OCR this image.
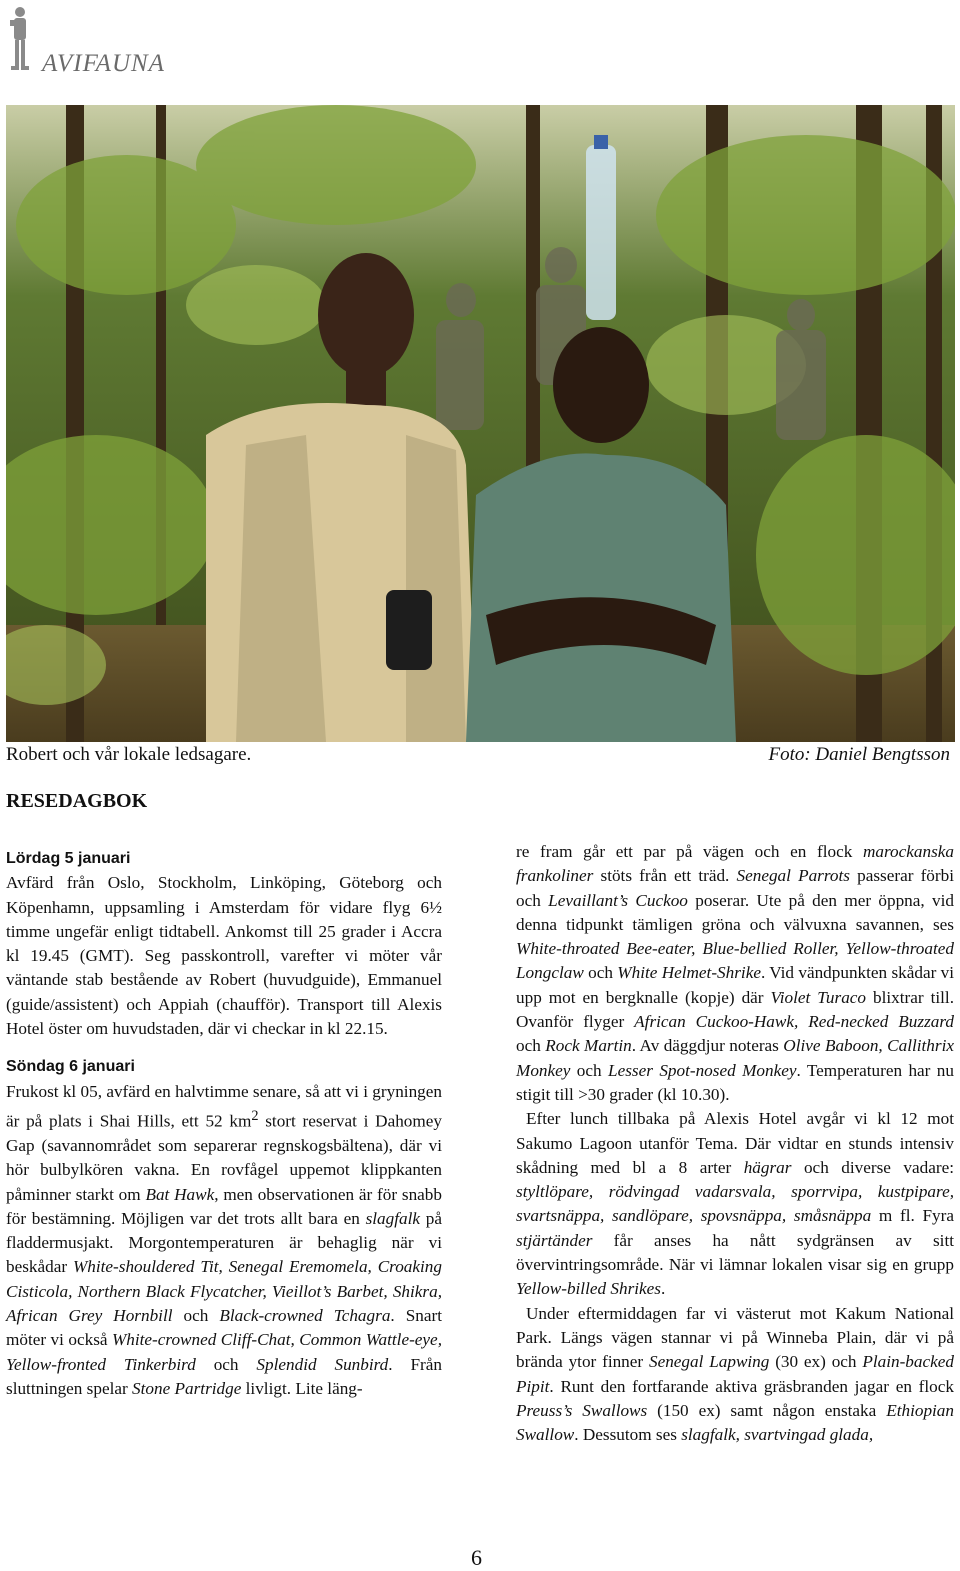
AVIFAUNA
Robert och vår lokale ledsagare.	Foto: Daniel Bengtsson
RESEDAGBOK

Lördag 5 januari

Avfärd från Oslo, Stockholm, Linköping, Göteborg och Köpenhamn, uppsamling i Amsterdam för vidare flyg 6½ timme ungefär enligt tidtabell. Ankomst till 25 grader i Accra kl 19.45 (GMT). Seg passkontroll, varefter vi möter vår väntande stab bestående av Robert (huvudguide), Emmanuel (guide/assistent) och Appiah (chaufför). Transport till Alexis Hotel öster om huvudstaden, där vi checkar in kl 22.15.

Söndag 6 januari

Frukost kl 05, avfärd en halvtimme senare, så att vi i gryningen är på plats i Shai Hills, ett 52 $km^2$ stort reservat i Dahomey Gap (savannområdet som separerar regnskogsbältena), där vi hör bulbylkören vakna. En rovfågel uppemot klippkanten påminner starkt om Bat Hawk, men observationen är för snabb för bestämning. Möjligen var det trots allt bara en slagfalk på fladdermusjakt. Morgontemperaturen är behaglig när vi beskådar White-shouldered Tit, Senegal Eremomela, Croaking Cisticola, Northern Black Flycatcher, Vieillot’s Barbet, Shikra, African Grey Hornbill och Black-crowned Tchagra. Snart möter vi också White-crowned Cliff-Chat, Common Wattle-eye, Yellow-fronted Tinkerbird och Splendid Sunbird. Från sluttningen spelar Stone Partridge livligt. Lite läng-

re fram går ett par på vägen och en flock marockanska frankoliner stöts från ett träd. Senegal Parrots passerar förbi och Levaillant’s Cuckoo poserar. Ute på den mer öppna, vid denna tidpunkt tämligen gröna och välvuxna savannen, ses White-throated Bee-eater, Blue-bellied Roller, Yellow-throated Longclaw och White Helmet-Shrike. Vid vändpunkten skådar vi upp mot en bergknalle (kopje) där Violet Turaco blixtrar till. Ovanför flyger African Cuckoo-Hawk, Red-necked Buzzard och Rock Martin. Av däggdjur noteras Olive Baboon, Callithrix Monkey och Lesser Spot-nosed Monkey. Temperaturen har nu stigit till >30 grader (kl 10.30).

Efter lunch tillbaka på Alexis Hotel avgår vi kl 12 mot Sakumo Lagoon utanför Tema. Där vidtar en stunds intensiv skådning med bl a 8 arter hägrar och diverse vadare: styltlöpare, rödvingad vadarsvala, sporrvipa, kustpipare, svartsnäppa, sandlöpare, spovsnäppa, småsnäppa m fl. Fyra stjärtänder får anses ha nått sydgränsen av sitt övervintringsområde. När vi lämnar lokalen visar sig en grupp Yellow-billed Shrikes.

Under eftermiddagen far vi västerut mot Kakum National Park. Längs vägen stannar vi på Winneba Plain, där vi på brända ytor finner Senegal Lapwing (30 ex) och Plain-backed Pipit. Runt den fortfarande aktiva gräsbranden jagar en flock Preuss’s Swallows (150 ex) samt någon enstaka Ethiopian Swallow. Dessutom ses slagfalk, svartvingad glada,

6
